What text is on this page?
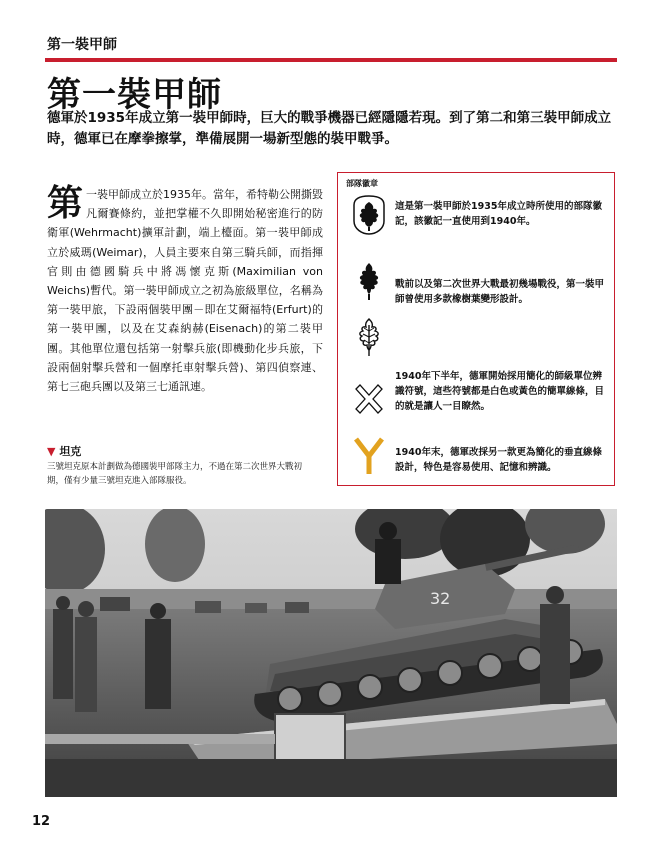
第一裝甲師
第一裝甲師
德軍於1935年成立第一裝甲師時，巨大的戰爭機器已經隱隱若現。到了第二和第三裝甲師成立時，德軍已在摩拳擦掌，準備展開一場新型態的裝甲戰爭。
第一裝甲師成立於1935年。當年，希特勒公開撕毀凡爾賽條約，並把掌權不久即開始秘密進行的防衛軍(Wehrmacht)擴軍計劃，端上檯面。第一裝甲師成立於威瑪(Weimar)，人員主要來自第三騎兵師，而指揮官則由德國騎兵中將馮懷克斯(Maximilian von Weichs)暫代。第一裝甲師成立之初為旅級單位，名稱為第一裝甲旅，下設兩個裝甲團－即在艾爾福特(Erfurt)的第一裝甲團，以及在艾森納赫(Eisenach)的第二裝甲團。其他單位還包括第一射擊兵旅(即機動化步兵旅，下設兩個射擊兵營和一個摩托車射擊兵營)、第四偵察連、第七三砲兵團以及第三七通訊連。
部隊徽章
這是第一裝甲師於1935年成立時所使用的部隊徽記，該徽記一直使用到1940年。
戰前以及第二次世界大戰最初幾場戰役，第一裝甲師曾使用多款橡樹葉變形設計。
1940年下半年，德軍開始採用簡化的師級單位辨識符號，這些符號都是白色或黃色的簡單線條，目的就是讓人一目瞭然。
1940年末，德軍改採另一款更為簡化的垂直線條設計，特色是容易使用、記憶和辨識。
▼ 坦克
三號坦克原本計劃做為德國裝甲部隊主力，不過在第二次世界大戰初期，僅有少量三號坦克進入部隊服役。
32
12
